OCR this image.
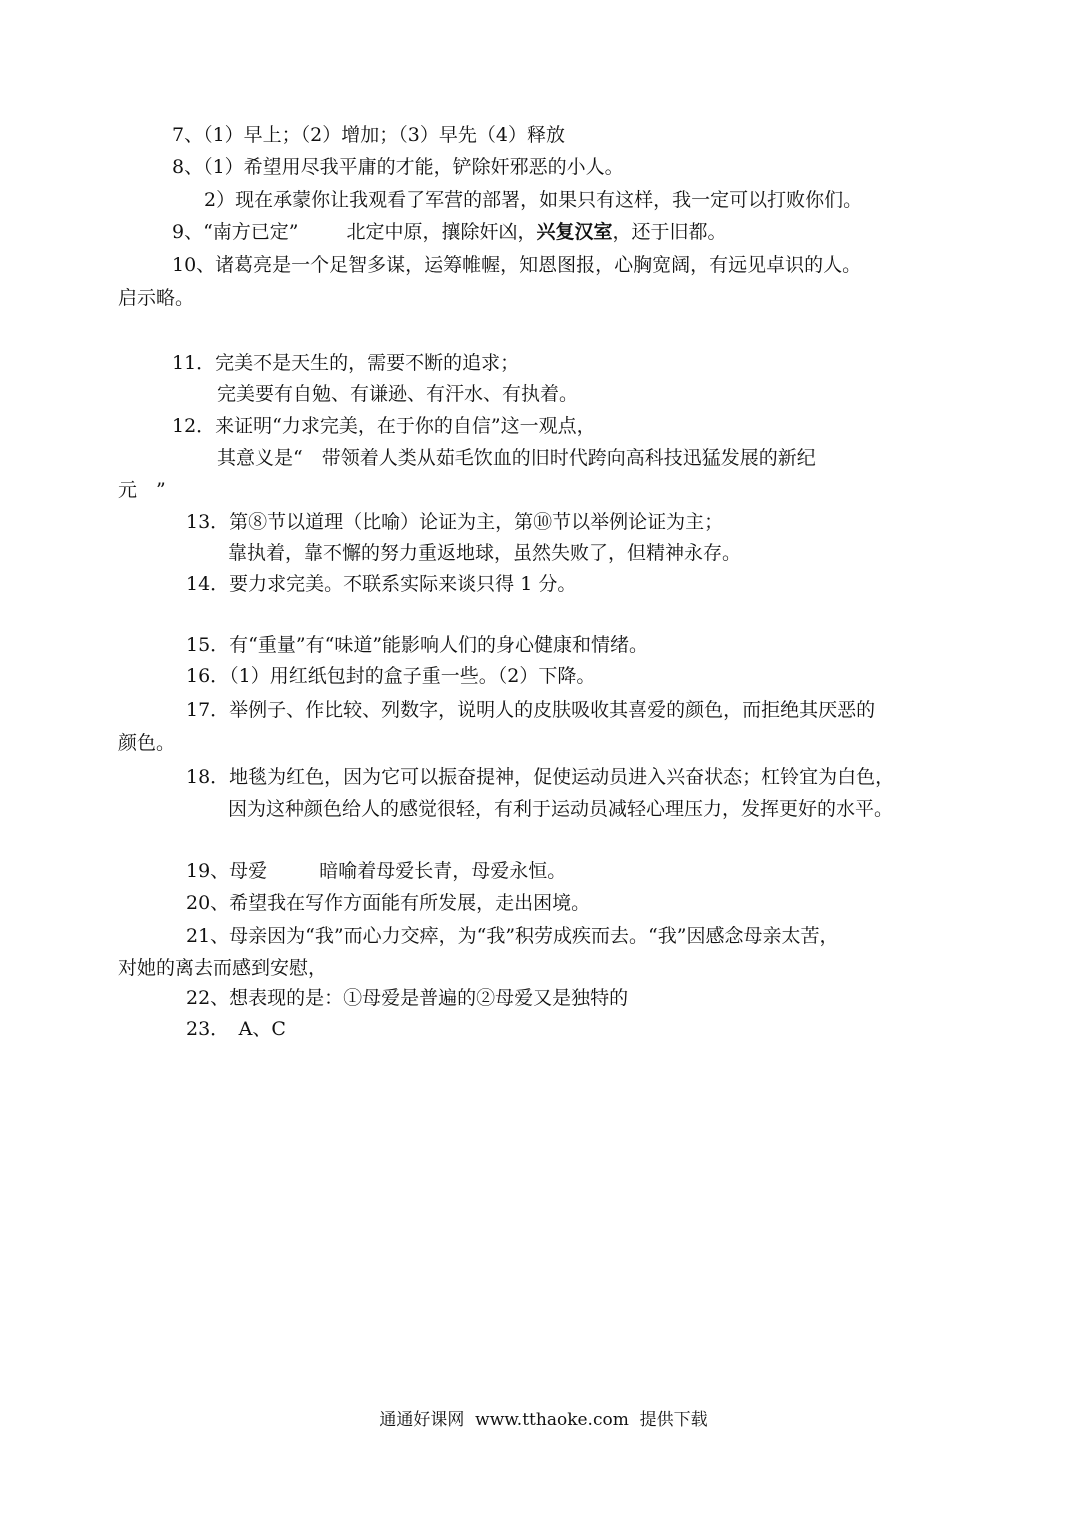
7、（1）早上；（2）增加；（3）早先（4）释放
8、（1）希望用尽我平庸的才能，铲除奸邪恶的小人。
2）现在承蒙你让我观看了军营的部署，如果只有这样，我一定可以打败你们。
9、“南方已定”	北定中原，攘除奸凶，兴复汉室，还于旧都。
10、诸葛亮是一个足智多谋，运筹帷幄，知恩图报，心胸宽阔，有远见卓识的人。
启示略。
11．完美不是天生的，需要不断的追求；
完美要有自勉、有谦逊、有汗水、有执着。
12．来证明“力求完美，在于你的自信”这一观点，
其意义是“　带领着人类从茹毛饮血的旧时代跨向高科技迅猛发展的新纪
元　”
13．第⑧节以道理（比喻）论证为主，第⑩节以举例论证为主；
靠执着，靠不懈的努力重返地球，虽然失败了，但精神永存。
14．要力求完美。不联系实际来谈只得 1 分。
15．有“重量”有“味道”能影响人们的身心健康和情绪。
16．（1）用红纸包封的盒子重一些。（2）下降。
17．举例子、作比较、列数字，说明人的皮肤吸收其喜爱的颜色，而拒绝其厌恶的
颜色。
18．地毯为红色，因为它可以振奋提神，促使运动员进入兴奋状态；杠铃宜为白色，
因为这种颜色给人的感觉很轻，有利于运动员减轻心理压力，发挥更好的水平。
19、母爱	暗喻着母爱长青，母爱永恒。
20、希望我在写作方面能有所发展，走出困境。
21、母亲因为“我”而心力交瘁，为“我”积劳成疾而去。“我”因感念母亲太苦，
对她的离去而感到安慰，
22、想表现的是：①母爱是普遍的②母爱又是独特的
23．　A、C
通通好课网  www.tthaoke.com  提供下载
